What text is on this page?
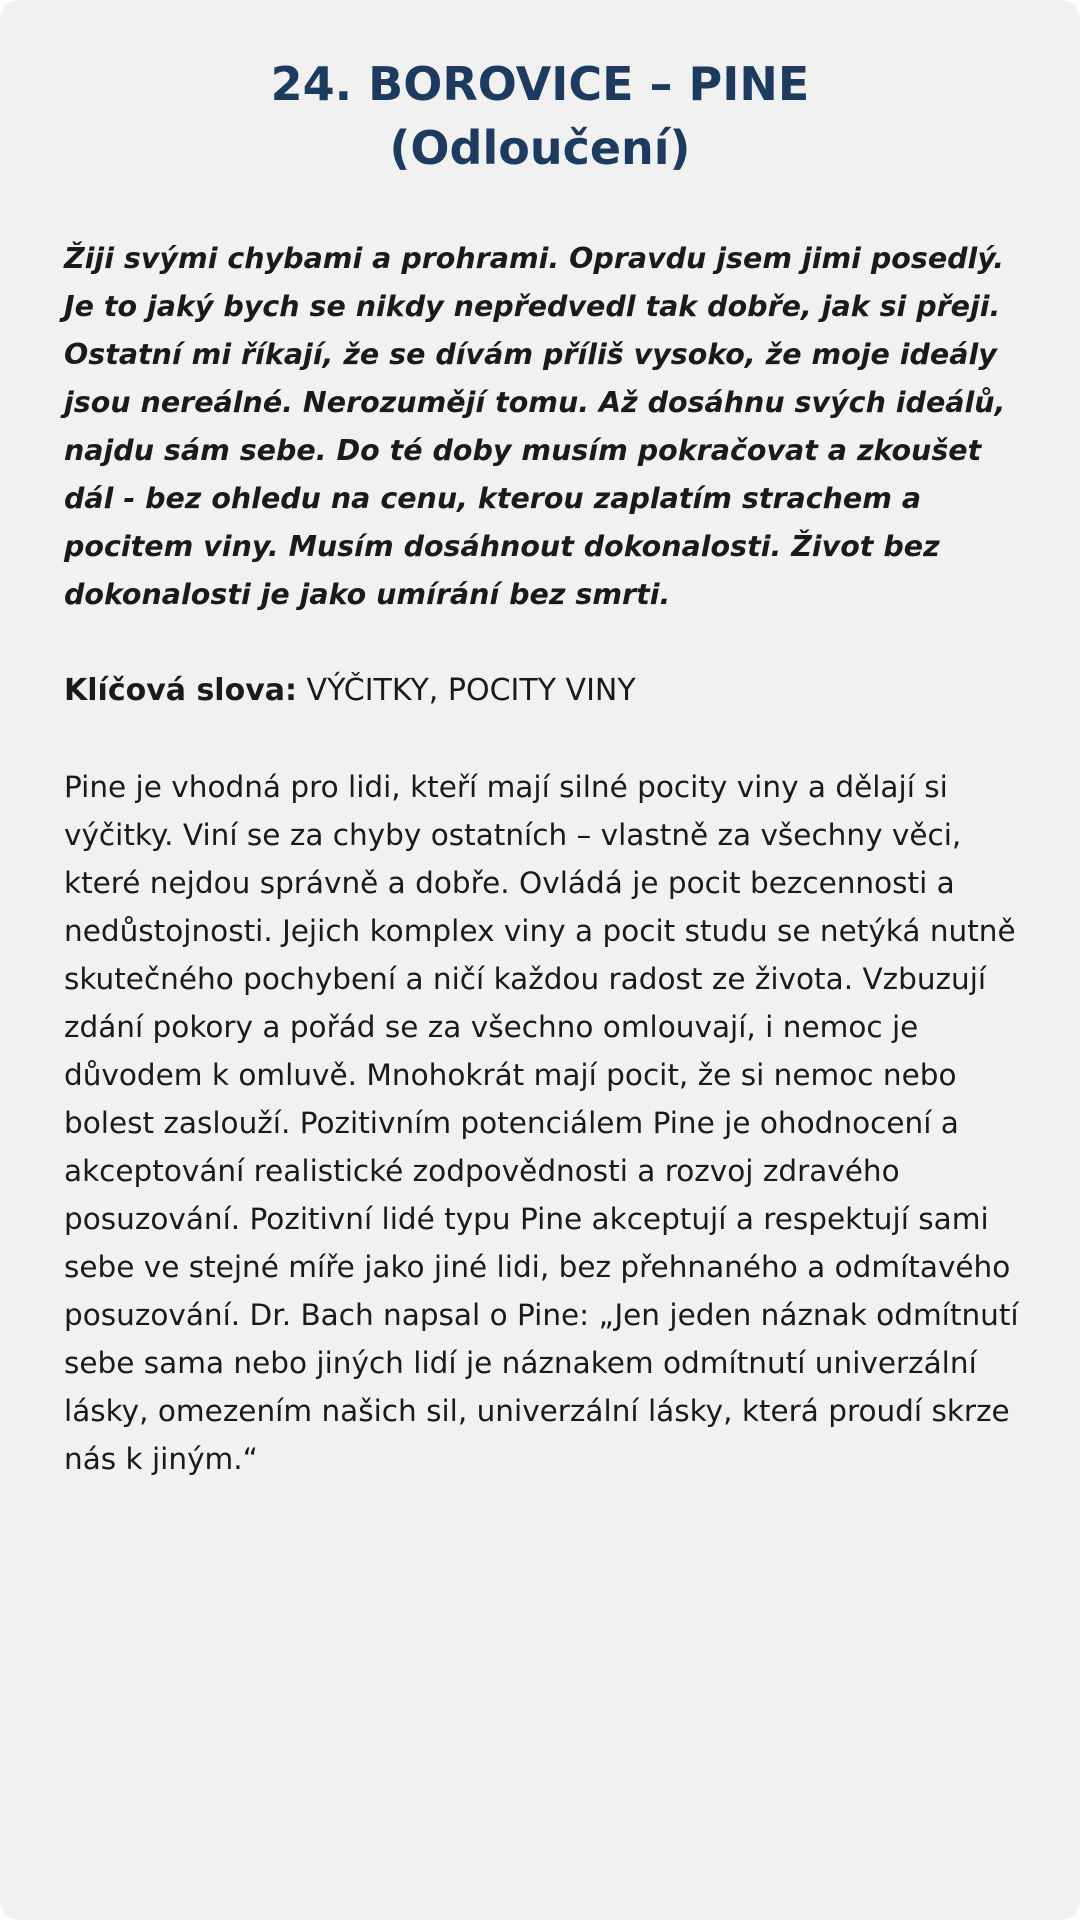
24. BOROVICE – PINE
(Odloučení)

Žiji svými chybami a prohrami. Opravdu jsem jimi posedlý. Je to jaký bych se nikdy nepředvedl tak dobře, jak si přeji. Ostatní mi říkají, že se dívám příliš vysoko, že moje ideály jsou nereálné. Nerozumějí tomu. Až dosáhnu svých ideálů, najdu sám sebe. Do té doby musím pokračovat a zkoušet dál - bez ohledu na cenu, kterou zaplatím strachem a pocitem viny. Musím dosáhnout dokonalosti. Život bez dokonalosti je jako umírání bez smrti.

Klíčová slova: VÝČITKY, POCITY VINY

Pine je vhodná pro lidi, kteří mají silné pocity viny a dělají si výčitky. Viní se za chyby ostatních – vlastně za všechny věci, které nejdou správně a dobře. Ovládá je pocit bezcennosti a nedůstojnosti. Jejich komplex viny a pocit studu se netýká nutně skutečného pochybení a ničí každou radost ze života. Vzbuzují zdání pokory a pořád se za všechno omlouvají, i nemoc je důvodem k omluvě. Mnohokrát mají pocit, že si nemoc nebo bolest zaslouží. Pozitivním potenciálem Pine je ohodnocení a akceptování realistické zodpovědnosti a rozvoj zdravého posuzování. Pozitivní lidé typu Pine akceptují a respektují sami sebe ve stejné míře jako jiné lidi, bez přehnaného a odmítavého posuzování. Dr. Bach napsal o Pine: „Jen jeden náznak odmítnutí sebe sama nebo jiných lidí je náznakem odmítnutí univerzální lásky, omezením našich sil, univerzální lásky, která proudí skrze nás k jiným.“
